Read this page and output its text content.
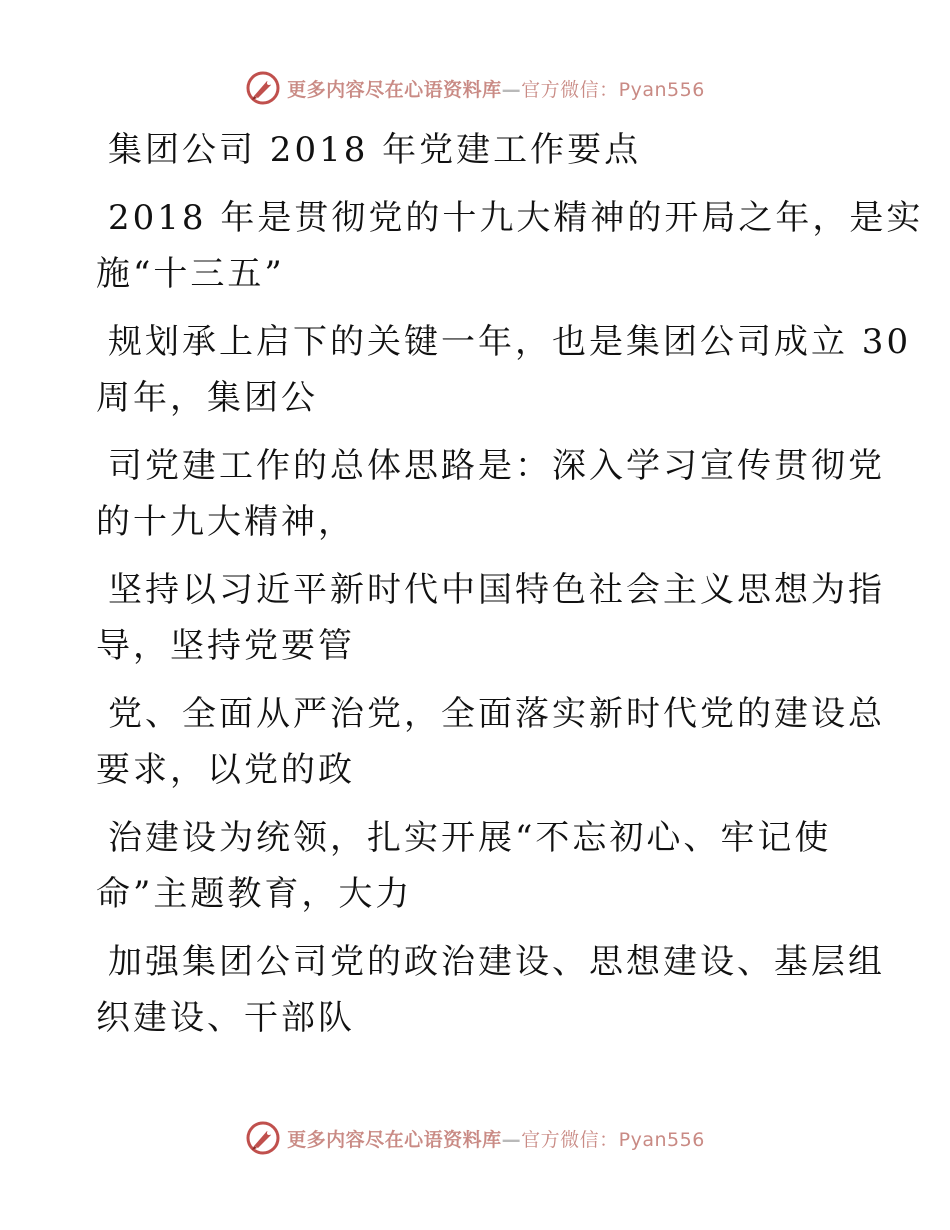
更多内容尽在心语资料库—官方微信：Pyan556
集团公司 2018 年党建工作要点
2018 年是贯彻党的十九大精神的开局之年，是实
施“十三五”
规划承上启下的关键一年，也是集团公司成立 30
周年，集团公
司党建工作的总体思路是：深入学习宣传贯彻党
的十九大精神，
坚持以习近平新时代中国特色社会主义思想为指
导，坚持党要管
党、全面从严治党，全面落实新时代党的建设总
要求，以党的政
治建设为统领，扎实开展“不忘初心、牢记使
命”主题教育，大力
加强集团公司党的政治建设、思想建设、基层组
织建设、干部队
更多内容尽在心语资料库—官方微信：Pyan556
